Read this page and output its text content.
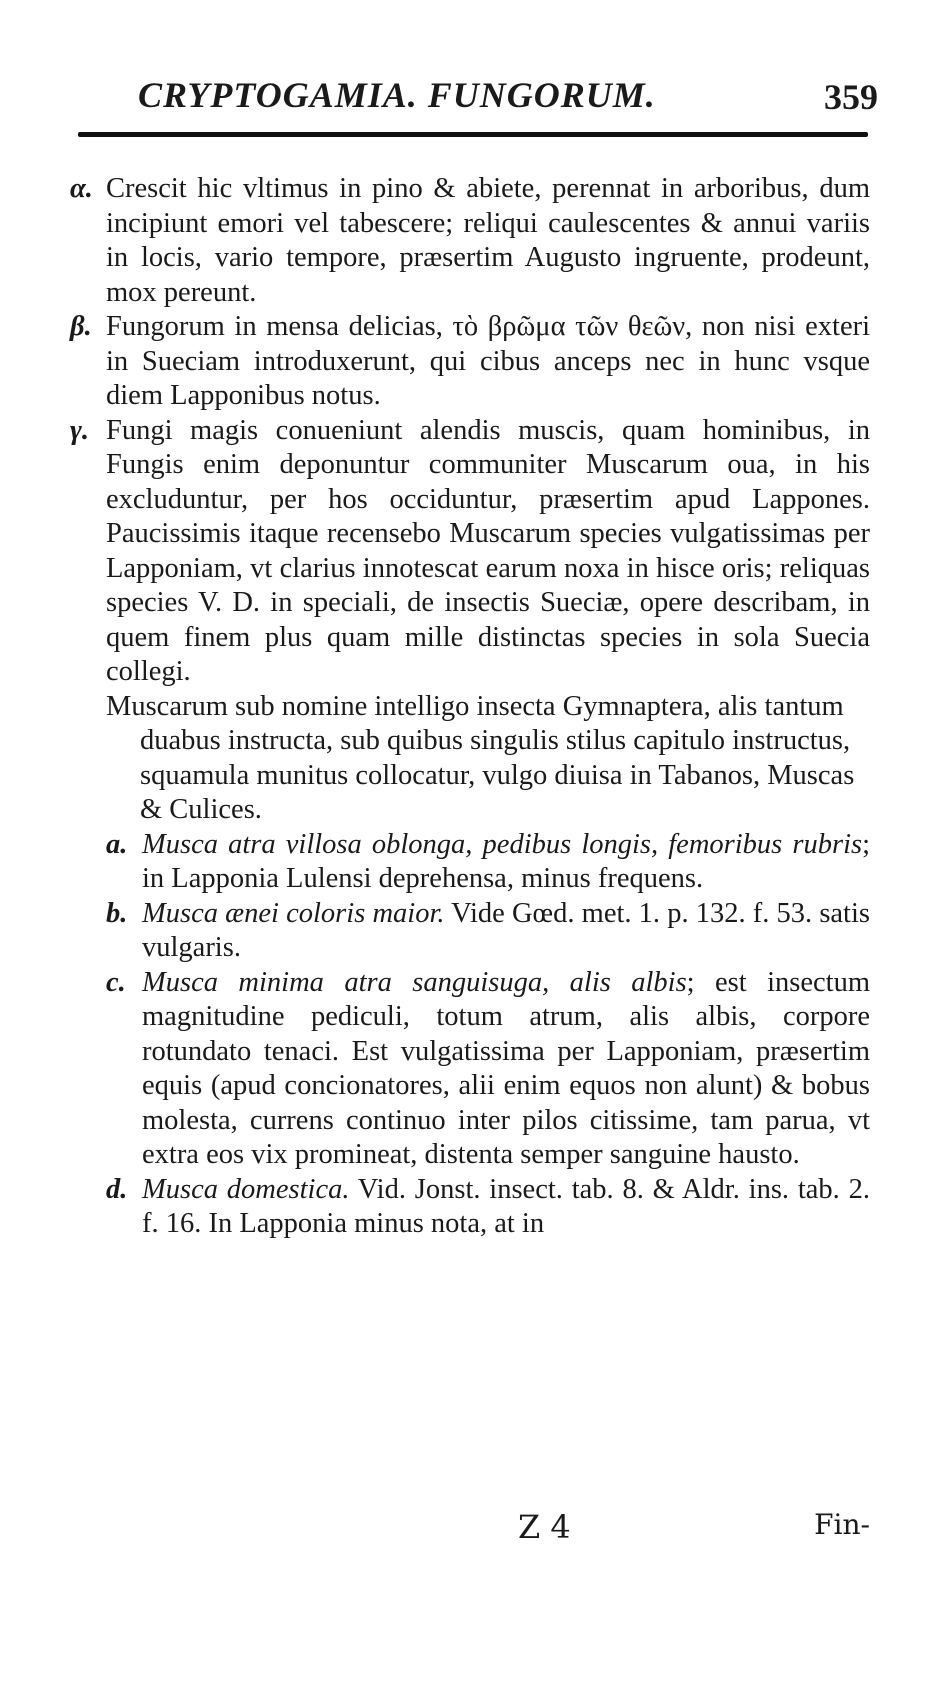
CRYPTOGAMIA. FUNGORUM.	359
α. Crescit hic vltimus in pino & abiete, perennat in arboribus, dum incipiunt emori vel tabescere; reliqui caulescentes & annui variis in locis, vario tempore, præsertim Augusto ingruente, prodeunt, mox pereunt.
β. Fungorum in mensa delicias, τὸ βρῶμα τῶν θεῶν, non nisi exteri in Sueciam introduxerunt, qui cibus anceps nec in hunc vsque diem Lapponibus notus.
γ. Fungi magis conueniunt alendis muscis, quam hominibus, in Fungis enim deponuntur communiter Muscarum oua, in his excluduntur, per hos occiduntur, præsertim apud Lappones. Paucissimis itaque recensebo Muscarum species vulgatissimas per Lapponiam, vt clarius innotescat earum noxa in hisce oris; reliquas species V. D. in speciali, de insectis Sueciæ, opere describam, in quem finem plus quam mille distinctas species in sola Suecia collegi.
Muscarum sub nomine intelligo insecta Gymnaptera, alis tantum duabus instructa, sub quibus singulis stilus capitulo instructus, squamula munitus collocatur, vulgo diuisa in Tabanos, Muscas & Culices.
a. Musca atra villosa oblonga, pedibus longis, femoribus rubris; in Lapponia Lulensi deprehensa, minus frequens.
b. Musca ænei coloris maior. Vide Gœd. met. 1. p. 132. f. 53. satis vulgaris.
c. Musca minima atra sanguisuga, alis albis; est insectum magnitudine pediculi, totum atrum, alis albis, corpore rotundato tenaci. Est vulgatissima per Lapponiam, præsertim equis (apud concionatores, alii enim equos non alunt) & bobus molesta, currens continuo inter pilos citissime, tam parua, vt extra eos vix promineat, distenta semper sanguine hausto.
d. Musca domestica. Vid. Jonst. insect. tab. 8. & Aldr. ins. tab. 2. f. 16. In Lapponia minus nota, at in
Z 4	Fin-
